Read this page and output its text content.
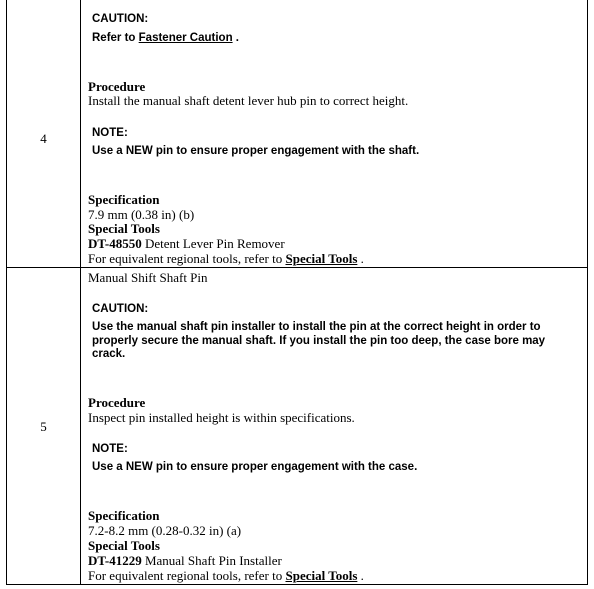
4
CAUTION:
Refer to Fastener Caution .
Procedure
Install the manual shaft detent lever hub pin to correct height.
NOTE:
Use a NEW pin to ensure proper engagement with the shaft.
Specification
7.9 mm (0.38 in) (b)
Special Tools
DT-48550 Detent Lever Pin Remover
For equivalent regional tools, refer to Special Tools .
5
Manual Shift Shaft Pin
CAUTION:
Use the manual shaft pin installer to install the pin at the correct height in order to
properly secure the manual shaft. If you install the pin too deep, the case bore may
crack.
Procedure
Inspect pin installed height is within specifications.
NOTE:
Use a NEW pin to ensure proper engagement with the case.
Specification
7.2-8.2 mm (0.28-0.32 in) (a)
Special Tools
DT-41229 Manual Shaft Pin Installer
For equivalent regional tools, refer to Special Tools .
